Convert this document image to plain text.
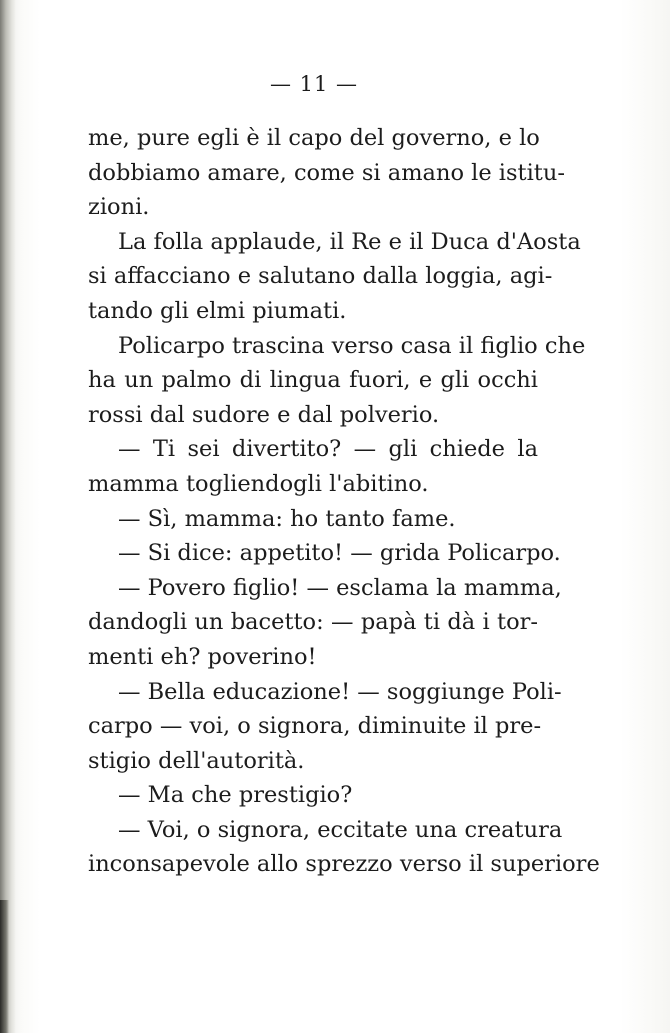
— 11 —

me, pure egli è il capo del governo, e lo
dobbiamo amare, come si amano le istitu-
zioni.

La folla applaude, il Re e il Duca d'Aosta
si affacciano e salutano dalla loggia, agi-
tando gli elmi piumati.

Policarpo trascina verso casa il figlio che
ha un palmo di lingua fuori, e gli occhi
rossi dal sudore e dal polverio.

— Ti sei divertito? — gli chiede la
mamma togliendogli l'abitino.

— Sì, mamma: ho tanto fame.

— Si dice: appetito! — grida Policarpo.

— Povero figlio! — esclama la mamma,
dandogli un bacetto: — papà ti dà i tor-
menti eh? poverino!

— Bella educazione! — soggiunge Poli-
carpo — voi, o signora, diminuite il pre-
stigio dell'autorità.

— Ma che prestigio?

— Voi, o signora, eccitate una creatura
inconsapevole allo sprezzo verso il superiore
